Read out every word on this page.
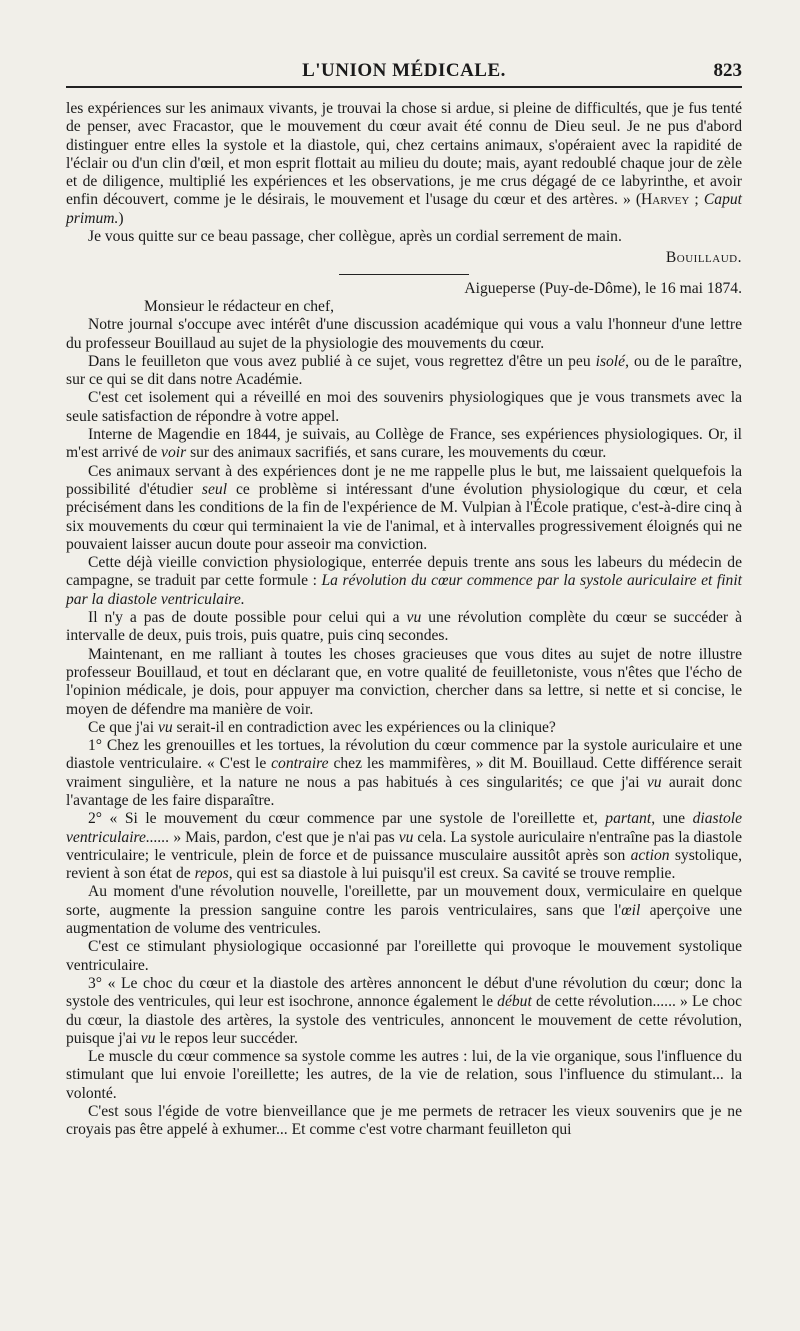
L'UNION MÉDICALE.	823

les expériences sur les animaux vivants, je trouvai la chose si ardue, si pleine de difficultés, que je fus tenté de penser, avec Fracastor, que le mouvement du cœur avait été connu de Dieu seul. Je ne pus d'abord distinguer entre elles la systole et la diastole, qui, chez certains animaux, s'opéraient avec la rapidité de l'éclair ou d'un clin d'œil, et mon esprit flottait au milieu du doute; mais, ayant redoublé chaque jour de zèle et de diligence, multiplié les expériences et les observations, je me crus dégagé de ce labyrinthe, et avoir enfin découvert, comme je le désirais, le mouvement et l'usage du cœur et des artères. » (Harvey ; Caput primum.)

Je vous quitte sur ce beau passage, cher collègue, après un cordial serrement de main.

Bouillaud.

Aigueperse (Puy-de-Dôme), le 16 mai 1874.

Monsieur le rédacteur en chef,

Notre journal s'occupe avec intérêt d'une discussion académique qui vous a valu l'honneur d'une lettre du professeur Bouillaud au sujet de la physiologie des mouvements du cœur.

Dans le feuilleton que vous avez publié à ce sujet, vous regrettez d'être un peu isolé, ou de le paraître, sur ce qui se dit dans notre Académie.

C'est cet isolement qui a réveillé en moi des souvenirs physiologiques que je vous transmets avec la seule satisfaction de répondre à votre appel.

Interne de Magendie en 1844, je suivais, au Collège de France, ses expériences physiologiques. Or, il m'est arrivé de voir sur des animaux sacrifiés, et sans curare, les mouvements du cœur.

Ces animaux servant à des expériences dont je ne me rappelle plus le but, me laissaient quelquefois la possibilité d'étudier seul ce problème si intéressant d'une évolution physiologique du cœur, et cela précisément dans les conditions de la fin de l'expérience de M. Vulpian à l'École pratique, c'est-à-dire cinq à six mouvements du cœur qui terminaient la vie de l'animal, et à intervalles progressivement éloignés qui ne pouvaient laisser aucun doute pour asseoir ma conviction.

Cette déjà vieille conviction physiologique, enterrée depuis trente ans sous les labeurs du médecin de campagne, se traduit par cette formule : La révolution du cœur commence par la systole auriculaire et finit par la diastole ventriculaire.

Il n'y a pas de doute possible pour celui qui a vu une révolution complète du cœur se succéder à intervalle de deux, puis trois, puis quatre, puis cinq secondes.

Maintenant, en me ralliant à toutes les choses gracieuses que vous dites au sujet de notre illustre professeur Bouillaud, et tout en déclarant que, en votre qualité de feuilletoniste, vous n'êtes que l'écho de l'opinion médicale, je dois, pour appuyer ma conviction, chercher dans sa lettre, si nette et si concise, le moyen de défendre ma manière de voir.

Ce que j'ai vu serait-il en contradiction avec les expériences ou la clinique?

1° Chez les grenouilles et les tortues, la révolution du cœur commence par la systole auriculaire et une diastole ventriculaire. « C'est le contraire chez les mammifères, » dit M. Bouillaud. Cette différence serait vraiment singulière, et la nature ne nous a pas habitués à ces singularités; ce que j'ai vu aurait donc l'avantage de les faire disparaître.

2° « Si le mouvement du cœur commence par une systole de l'oreillette et, partant, une diastole ventriculaire...... » Mais, pardon, c'est que je n'ai pas vu cela. La systole auriculaire n'entraîne pas la diastole ventriculaire; le ventricule, plein de force et de puissance musculaire aussitôt après son action systolique, revient à son état de repos, qui est sa diastole à lui puisqu'il est creux. Sa cavité se trouve remplie.

Au moment d'une révolution nouvelle, l'oreillette, par un mouvement doux, vermiculaire en quelque sorte, augmente la pression sanguine contre les parois ventriculaires, sans que l'œil aperçoive une augmentation de volume des ventricules.

C'est ce stimulant physiologique occasionné par l'oreillette qui provoque le mouvement systolique ventriculaire.

3° « Le choc du cœur et la diastole des artères annoncent le début d'une révolution du cœur; donc la systole des ventricules, qui leur est isochrone, annonce également le début de cette révolution...... » Le choc du cœur, la diastole des artères, la systole des ventricules, annoncent le mouvement de cette révolution, puisque j'ai vu le repos leur succéder.

Le muscle du cœur commence sa systole comme les autres : lui, de la vie organique, sous l'influence du stimulant que lui envoie l'oreillette; les autres, de la vie de relation, sous l'influence du stimulant... la volonté.

C'est sous l'égide de votre bienveillance que je me permets de retracer les vieux souvenirs que je ne croyais pas être appelé à exhumer... Et comme c'est votre charmant feuilleton qui
